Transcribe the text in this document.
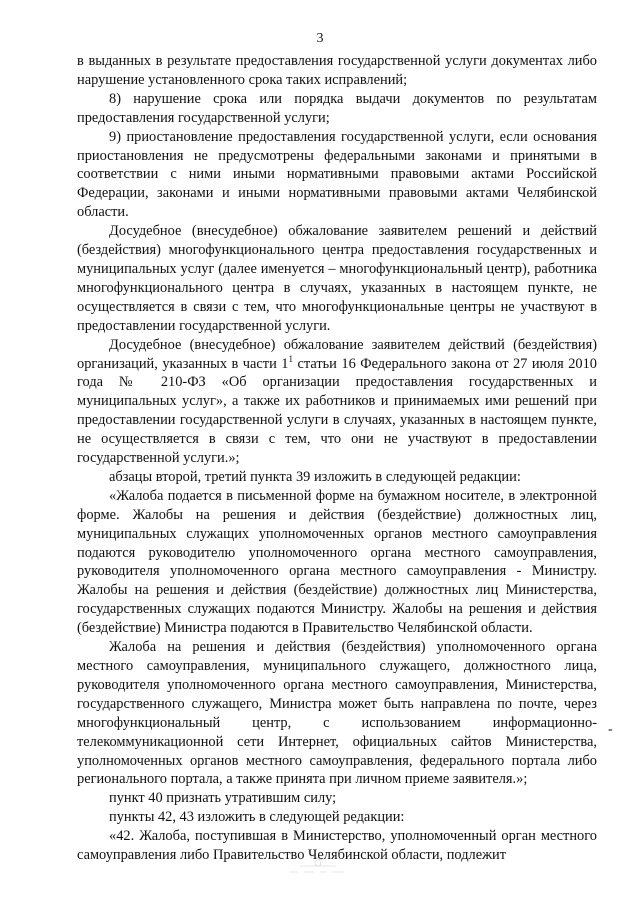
3

в выданных в результате предоставления государственной услуги документах либо нарушение установленного срока таких исправлений;

8) нарушение срока или порядка выдачи документов по результатам предоставления государственной услуги;

9) приостановление предоставления государственной услуги, если основания приостановления не предусмотрены федеральными законами и принятыми в соответствии с ними иными нормативными правовыми актами Российской Федерации, законами и иными нормативными правовыми актами Челябинской области.

Досудебное (внесудебное) обжалование заявителем решений и действий (бездействия) многофункционального центра предоставления государственных и муниципальных услуг (далее именуется – многофункциональный центр), работника многофункционального центра в случаях, указанных в настоящем пункте, не осуществляется в связи с тем, что многофункциональные центры не участвуют в предоставлении государственной услуги.

Досудебное (внесудебное) обжалование заявителем действий (бездействия) организаций, указанных в части $1^1$ статьи 16 Федерального закона от 27 июля 2010 года № 210-ФЗ «Об организации предоставления государственных и муниципальных услуг», а также их работников и принимаемых ими решений при предоставлении государственной услуги в случаях, указанных в настоящем пункте, не осуществляется в связи с тем, что они не участвуют в предоставлении государственной услуги.»;

абзацы второй, третий пункта 39 изложить в следующей редакции:

«Жалоба подается в письменной форме на бумажном носителе, в электронной форме. Жалобы на решения и действия (бездействие) должностных лиц, муниципальных служащих уполномоченных органов местного самоуправления подаются руководителю уполномоченного органа местного самоуправления, руководителя уполномоченного органа местного самоуправления - Министру. Жалобы на решения и действия (бездействие) должностных лиц Министерства, государственных служащих подаются Министру. Жалобы на решения и действия (бездействие) Министра подаются в Правительство Челябинской области.

Жалоба на решения и действия (бездействия) уполномоченного органа местного самоуправления, муниципального служащего, должностного лица, руководителя уполномоченного органа местного самоуправления, Министерства, государственного служащего, Министра может быть направлена по почте, через многофункциональный центр, с использованием информационно-телекоммуникационной сети Интернет, официальных сайтов Министерства, уполномоченных органов местного самоуправления, федерального портала либо регионального портала, а также принята при личном приеме заявителя.»;

пункт 40 признать утратившим силу;

пункты 42, 43 изложить в следующей редакции:

«42. Жалоба, поступившая в Министерство, уполномоченный орган местного самоуправления либо Правительство Челябинской области, подлежит

-
